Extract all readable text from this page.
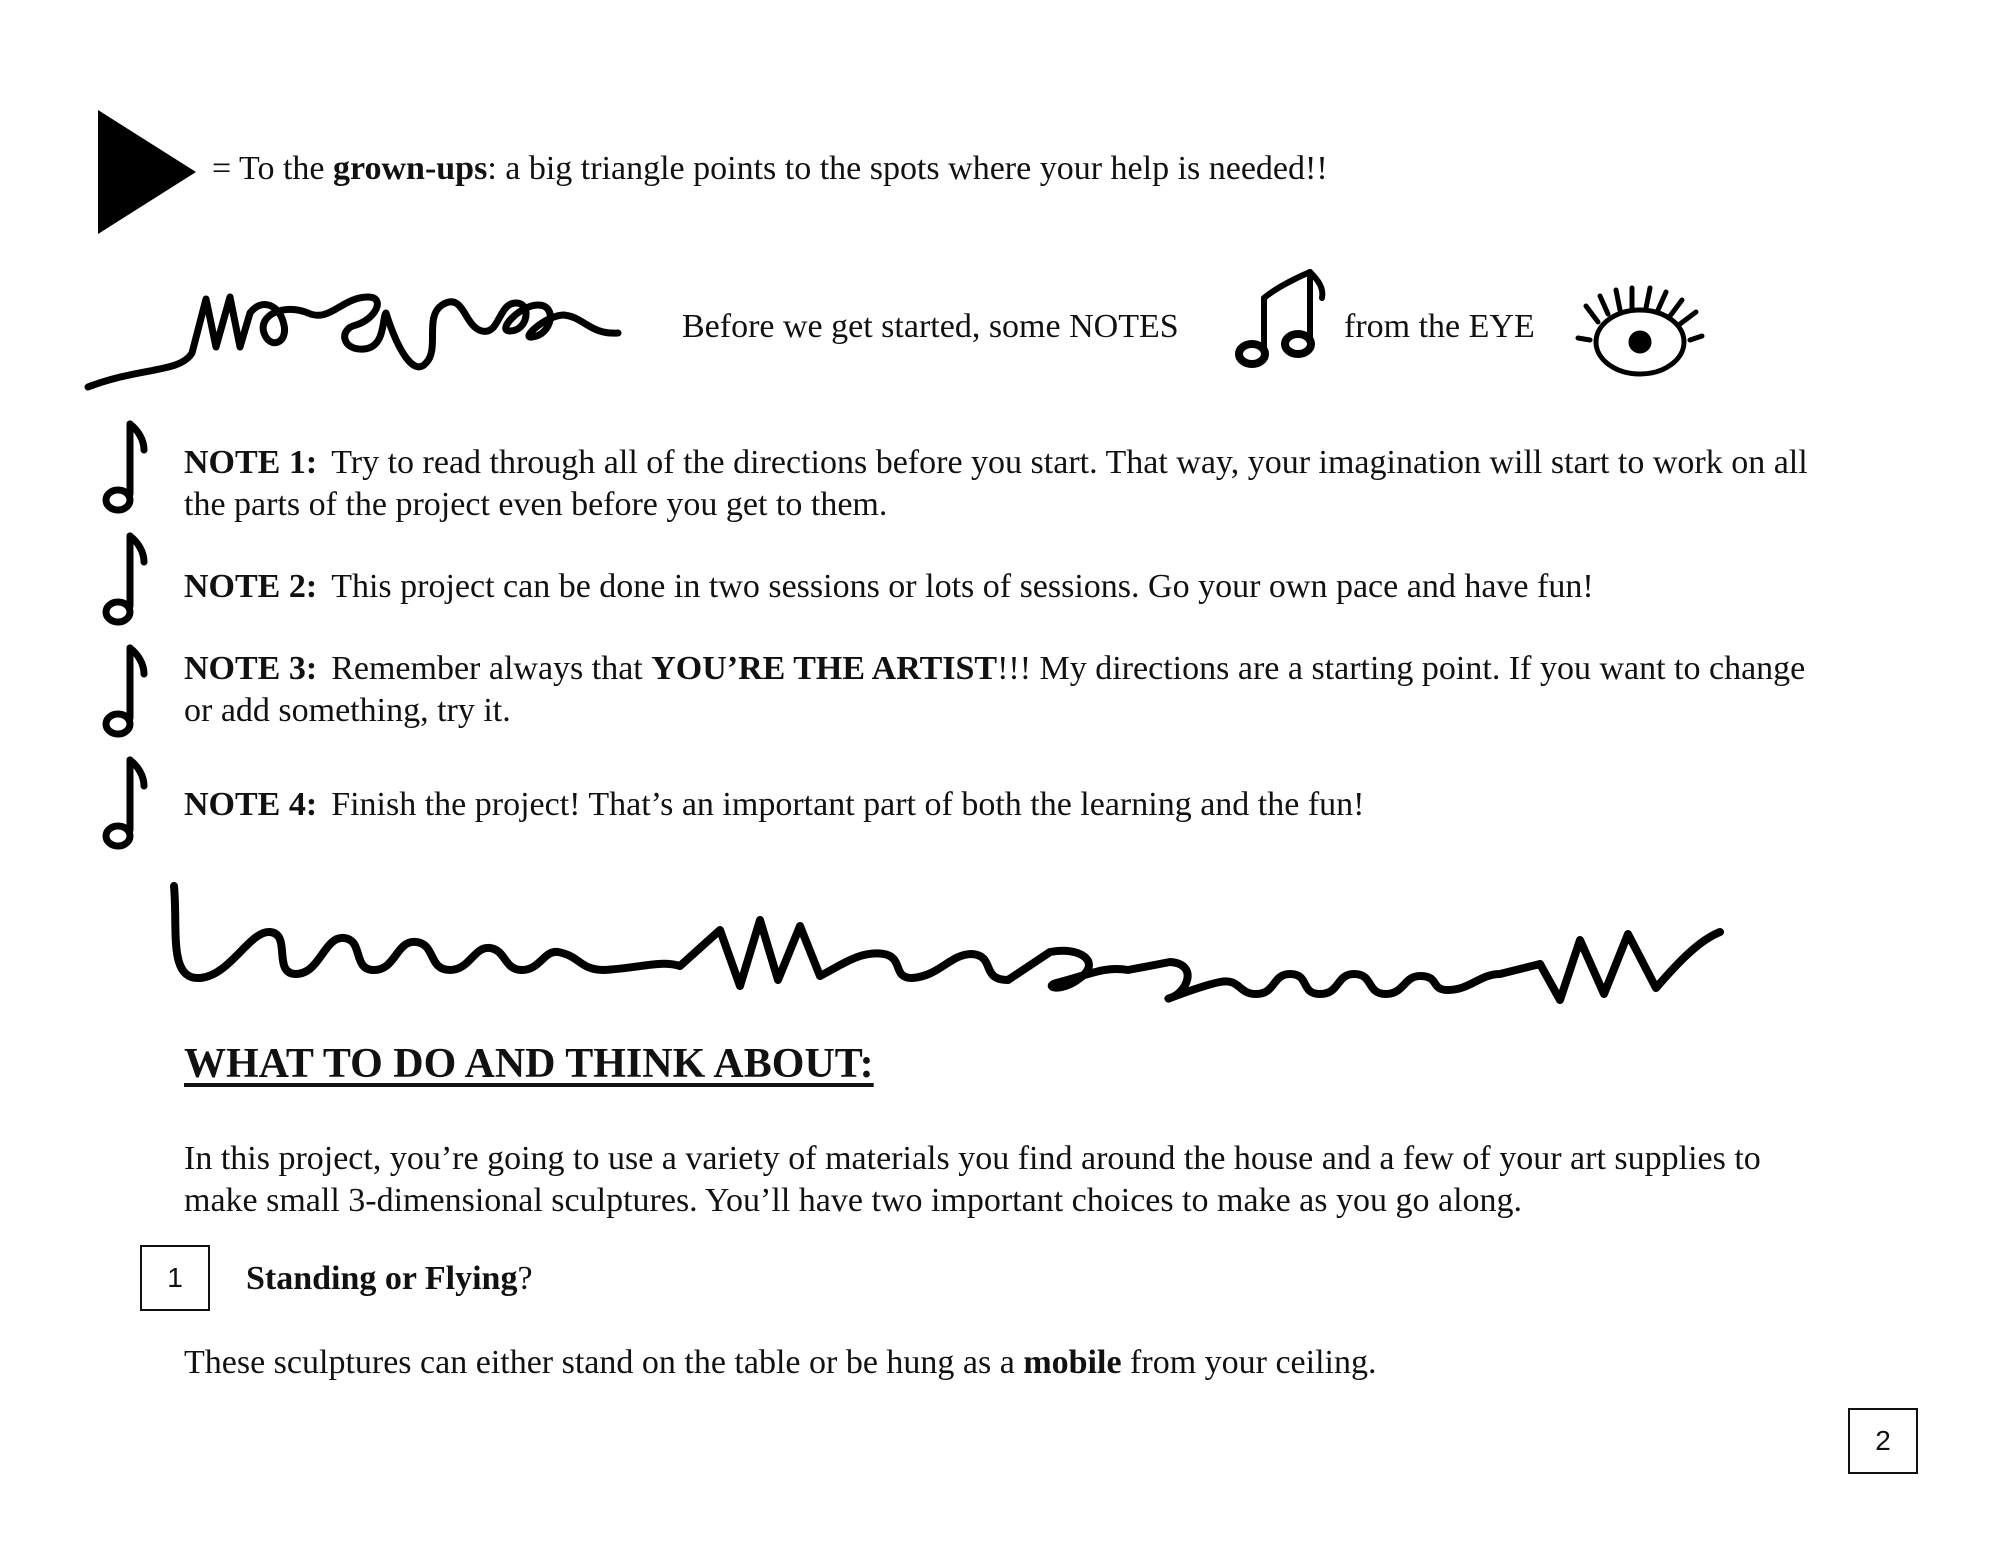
= To the grown-ups: a big triangle points to the spots where your help is needed!!
Before we get started, some NOTES	from the EYE
NOTE 1: Try to read through all of the directions before you start. That way, your imagination will start to work on all the parts of the project even before you get to them.
NOTE 2: This project can be done in two sessions or lots of sessions. Go your own pace and have fun!
NOTE 3: Remember always that YOU’RE THE ARTIST!!! My directions are a starting point. If you want to change or add something, try it.
NOTE 4: Finish the project! That’s an important part of both the learning and the fun!
WHAT TO DO AND THINK ABOUT:
In this project, you’re going to use a variety of materials you find around the house and a few of your art supplies to make small 3-dimensional sculptures. You’ll have two important choices to make as you go along.
1	Standing or Flying?
These sculptures can either stand on the table or be hung as a mobile from your ceiling.
2
